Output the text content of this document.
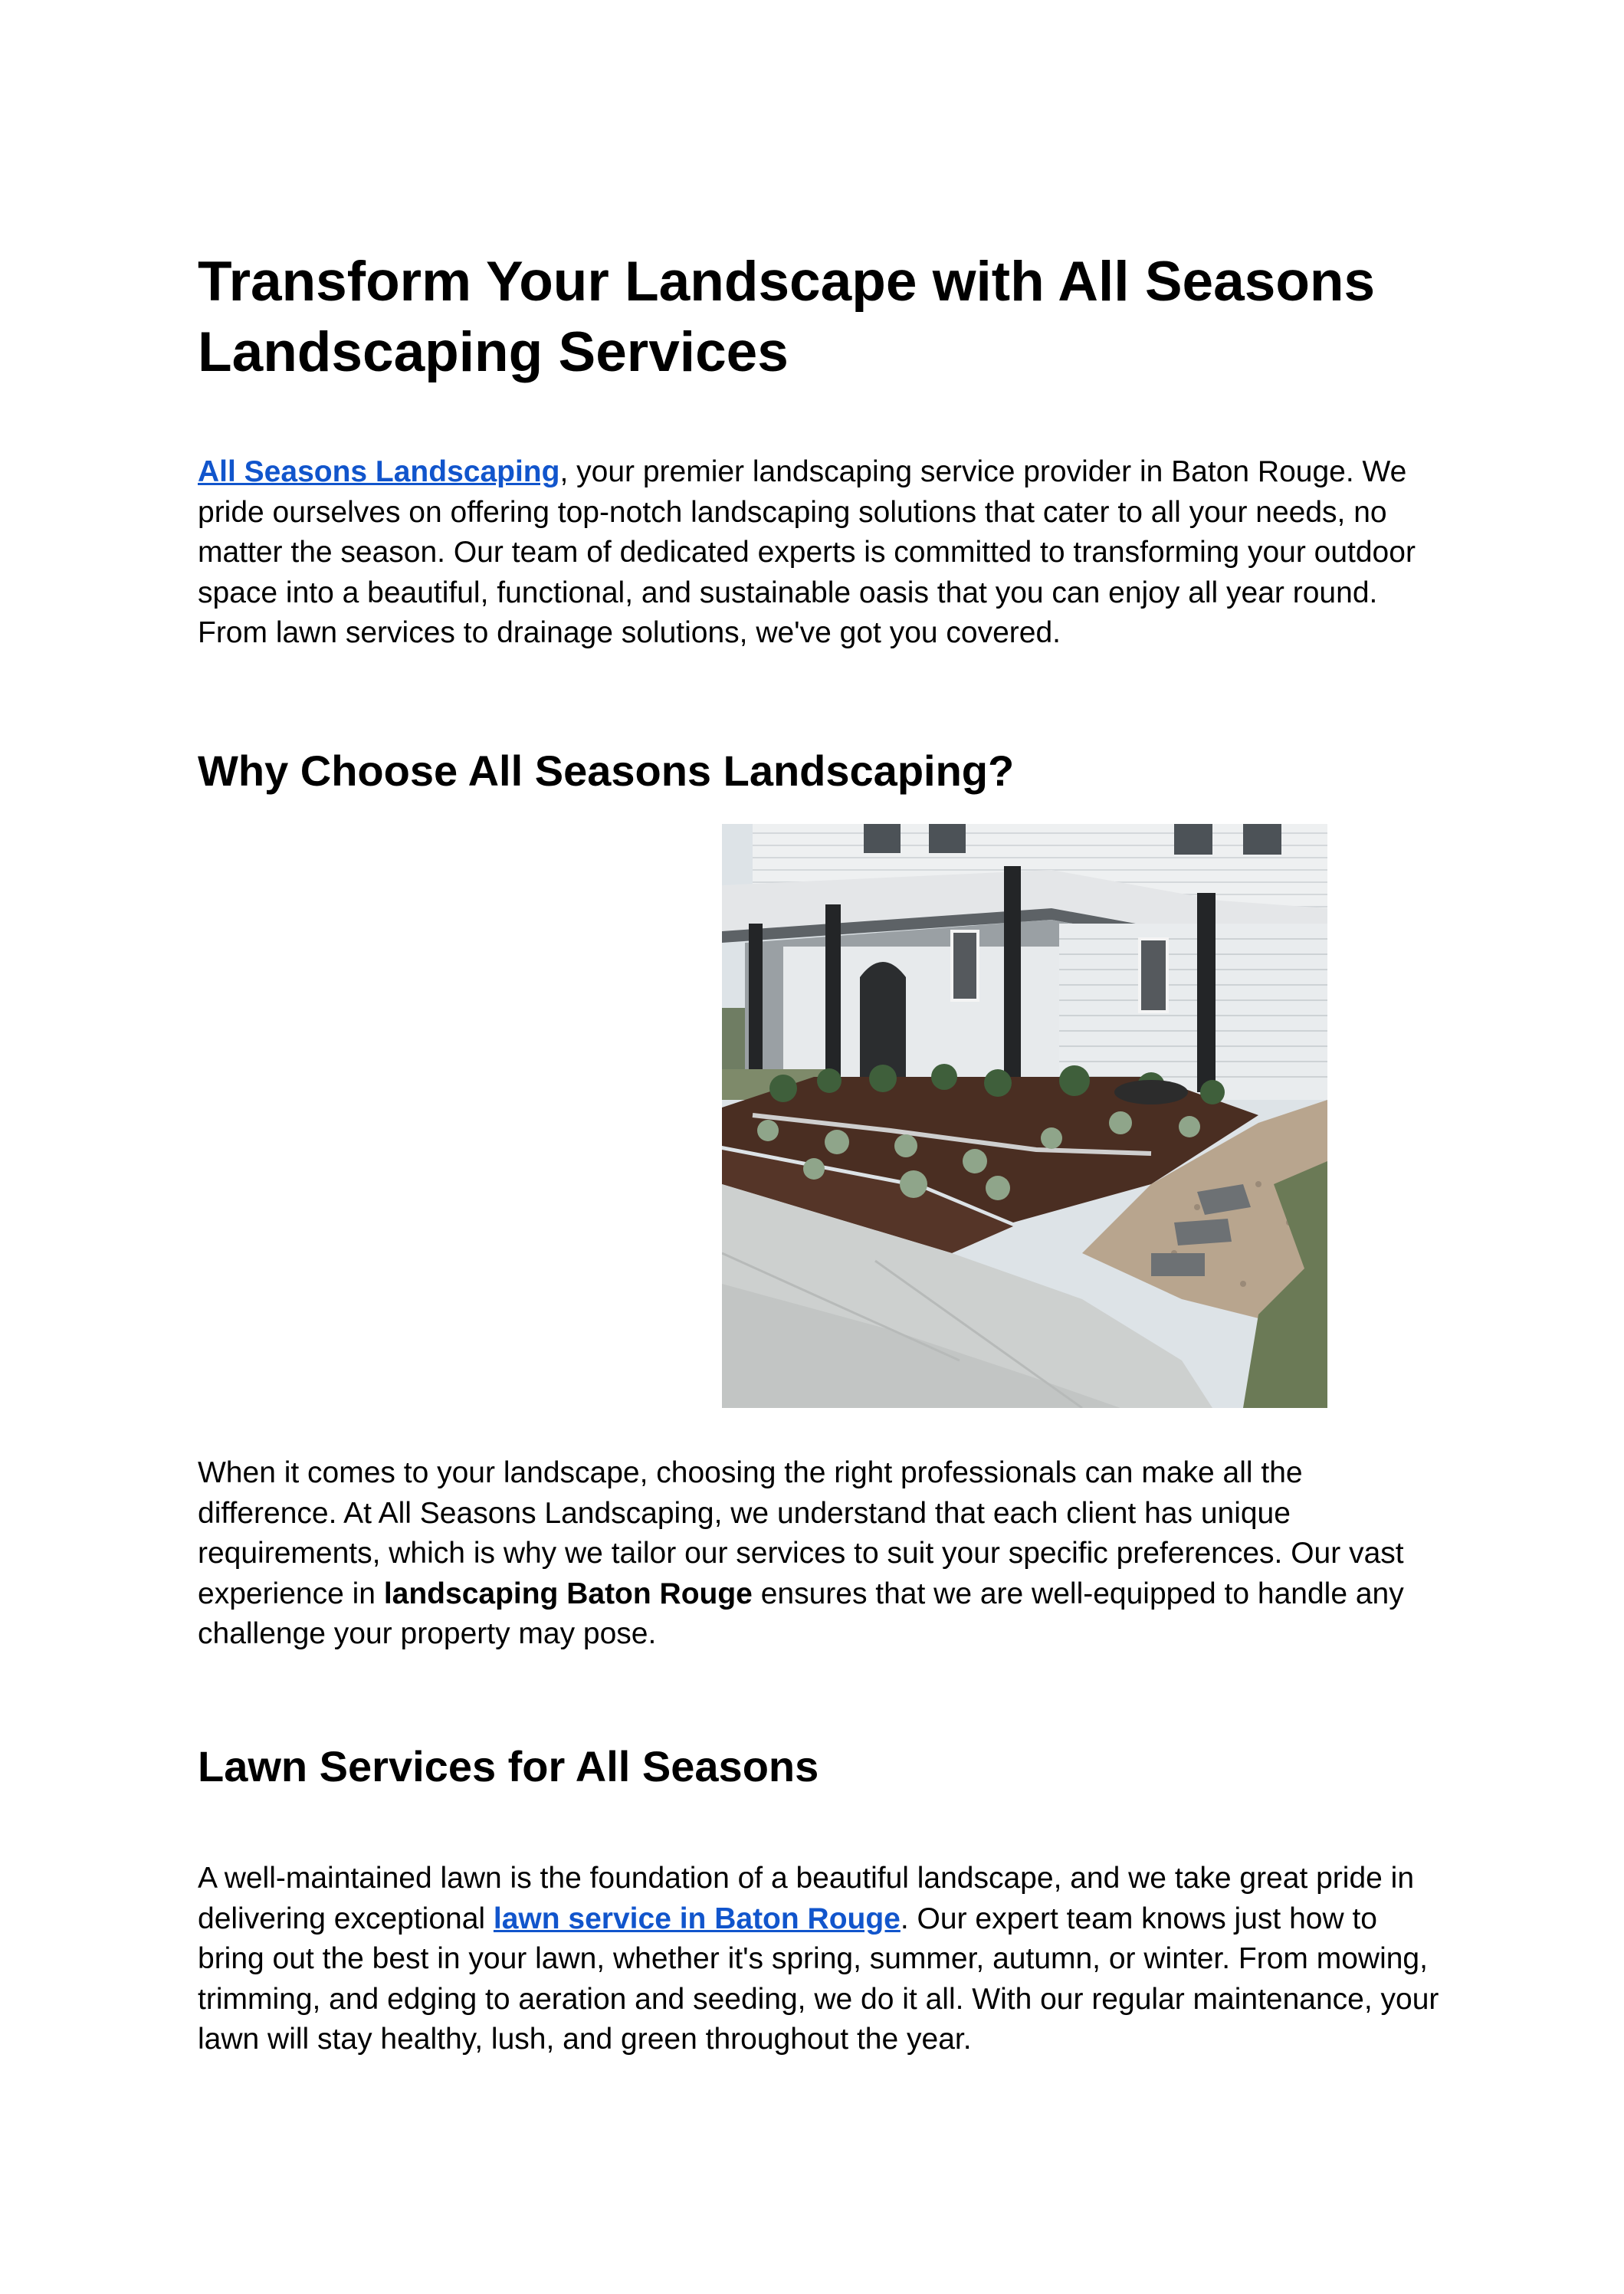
Transform Your Landscape with All Seasons Landscaping Services

All Seasons Landscaping, your premier landscaping service provider in Baton Rouge. We pride ourselves on offering top-notch landscaping solutions that cater to all your needs, no matter the season. Our team of dedicated experts is committed to transforming your outdoor space into a beautiful, functional, and sustainable oasis that you can enjoy all year round. From lawn services to drainage solutions, we've got you covered.

Why Choose All Seasons Landscaping?

When it comes to your landscape, choosing the right professionals can make all the difference. At All Seasons Landscaping, we understand that each client has unique requirements, which is why we tailor our services to suit your specific preferences. Our vast experience in landscaping Baton Rouge ensures that we are well-equipped to handle any challenge your property may pose.

Lawn Services for All Seasons

A well-maintained lawn is the foundation of a beautiful landscape, and we take great pride in delivering exceptional lawn service in Baton Rouge. Our expert team knows just how to bring out the best in your lawn, whether it's spring, summer, autumn, or winter. From mowing, trimming, and edging to aeration and seeding, we do it all. With our regular maintenance, your lawn will stay healthy, lush, and green throughout the year.
